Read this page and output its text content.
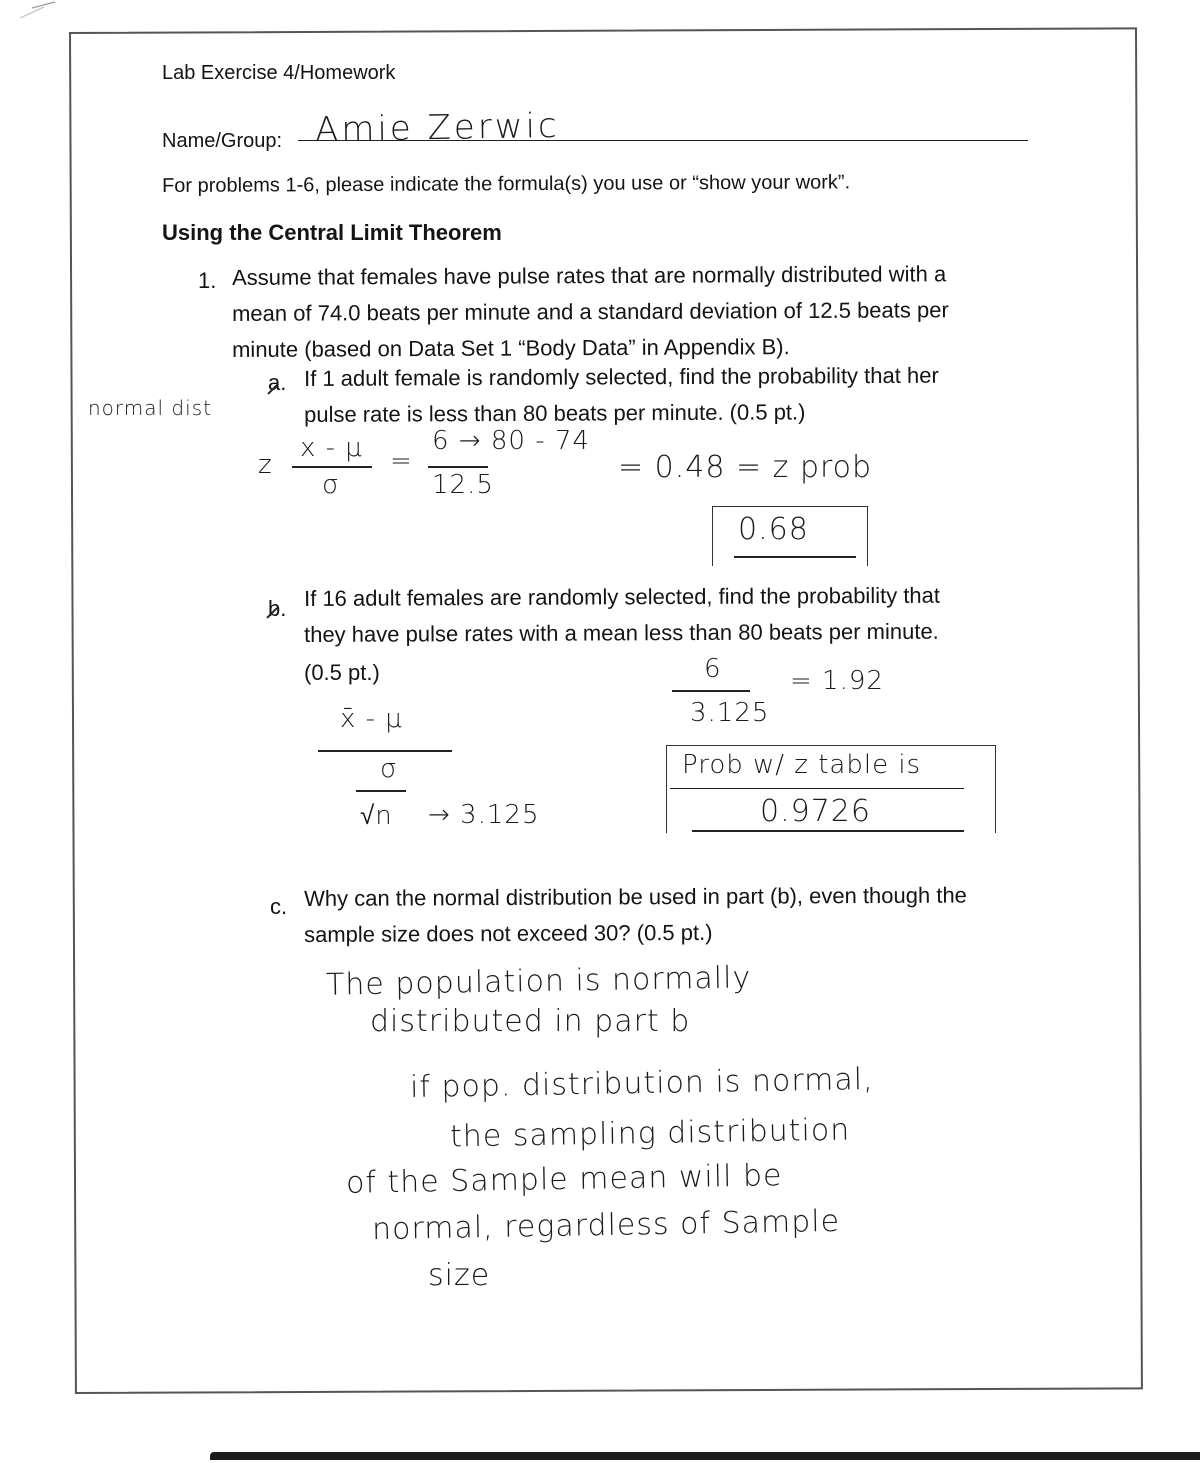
Lab Exercise 4/Homework
Name/Group: Amie Zerwic
For problems 1-6, please indicate the formula(s) you use or “show your work”.
Using the Central Limit Theorem
1. Assume that females have pulse rates that are normally distributed with a
mean of 74.0 beats per minute and a standard deviation of 12.5 beats per
minute (based on Data Set 1 “Body Data” in Appendix B).
a. If 1 adult female is randomly selected, find the probability that her
pulse rate is less than 80 beats per minute. (0.5 pt.)
normal dist
z
x - μ
σ
=
6 → 80 - 74
12.5	= 0.48 = z prob
0.68
b. If 16 adult females are randomly selected, find the probability that
they have pulse rates with a mean less than 80 beats per minute.
(0.5 pt.)	6
3.125
= 1.92
x̄ - μ
σ
√n → 3.125
Prob w/ z table is
0.9726
c. Why can the normal distribution be used in part (b), even though the
sample size does not exceed 30? (0.5 pt.)
The population is normally
distributed in part b
if pop. distribution is normal,
the sampling distribution
of the Sample mean will be
normal, regardless of Sample
size
